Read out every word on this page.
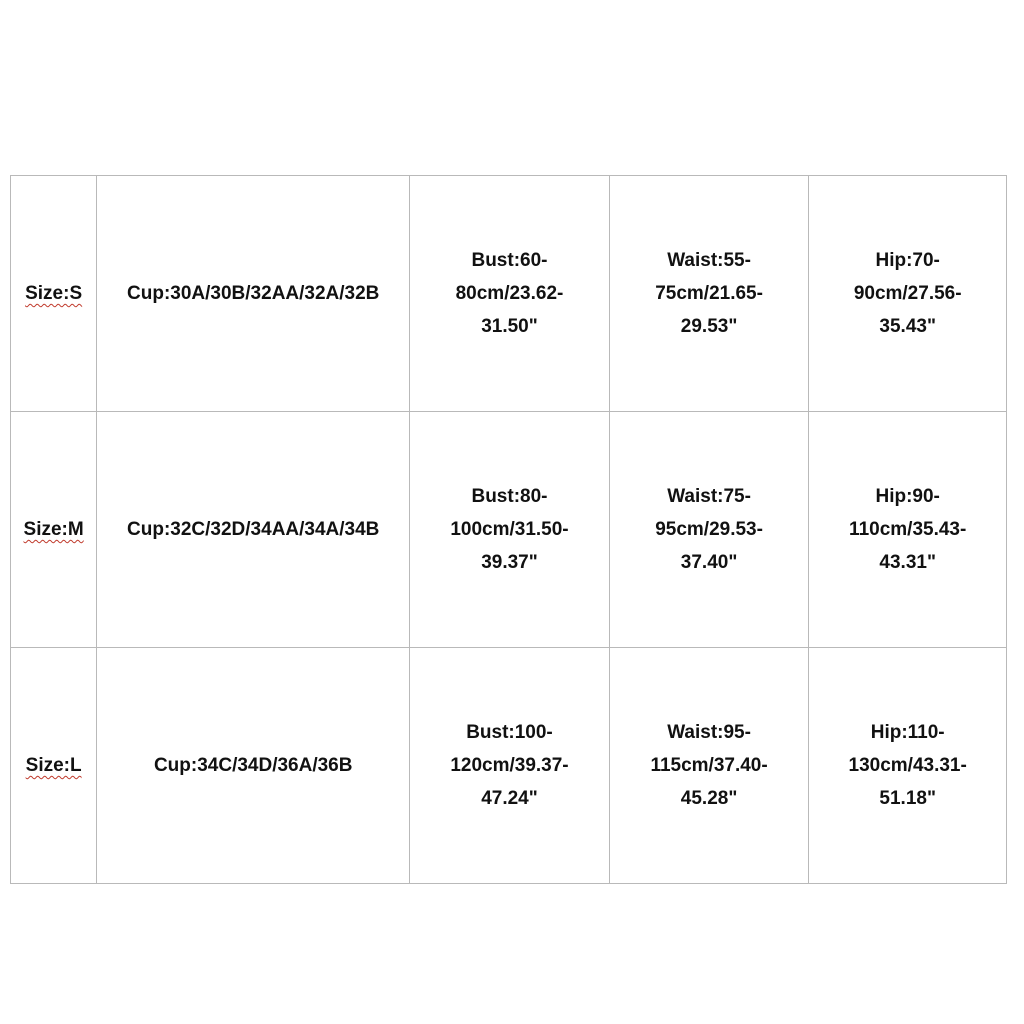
Size:S	Cup:30A/30B/32AA/32A/32B	Bust:60-
80cm/23.62-
31.50"	Waist:55-
75cm/21.65-
29.53"	Hip:70-
90cm/27.56-
35.43"
Size:M	Cup:32C/32D/34AA/34A/34B	Bust:80-
100cm/31.50-
39.37"	Waist:75-
95cm/29.53-
37.40"	Hip:90-
110cm/35.43-
43.31"
Size:L	Cup:34C/34D/36A/36B	Bust:100-
120cm/39.37-
47.24"	Waist:95-
115cm/37.40-
45.28"	Hip:110-
130cm/43.31-
51.18"
